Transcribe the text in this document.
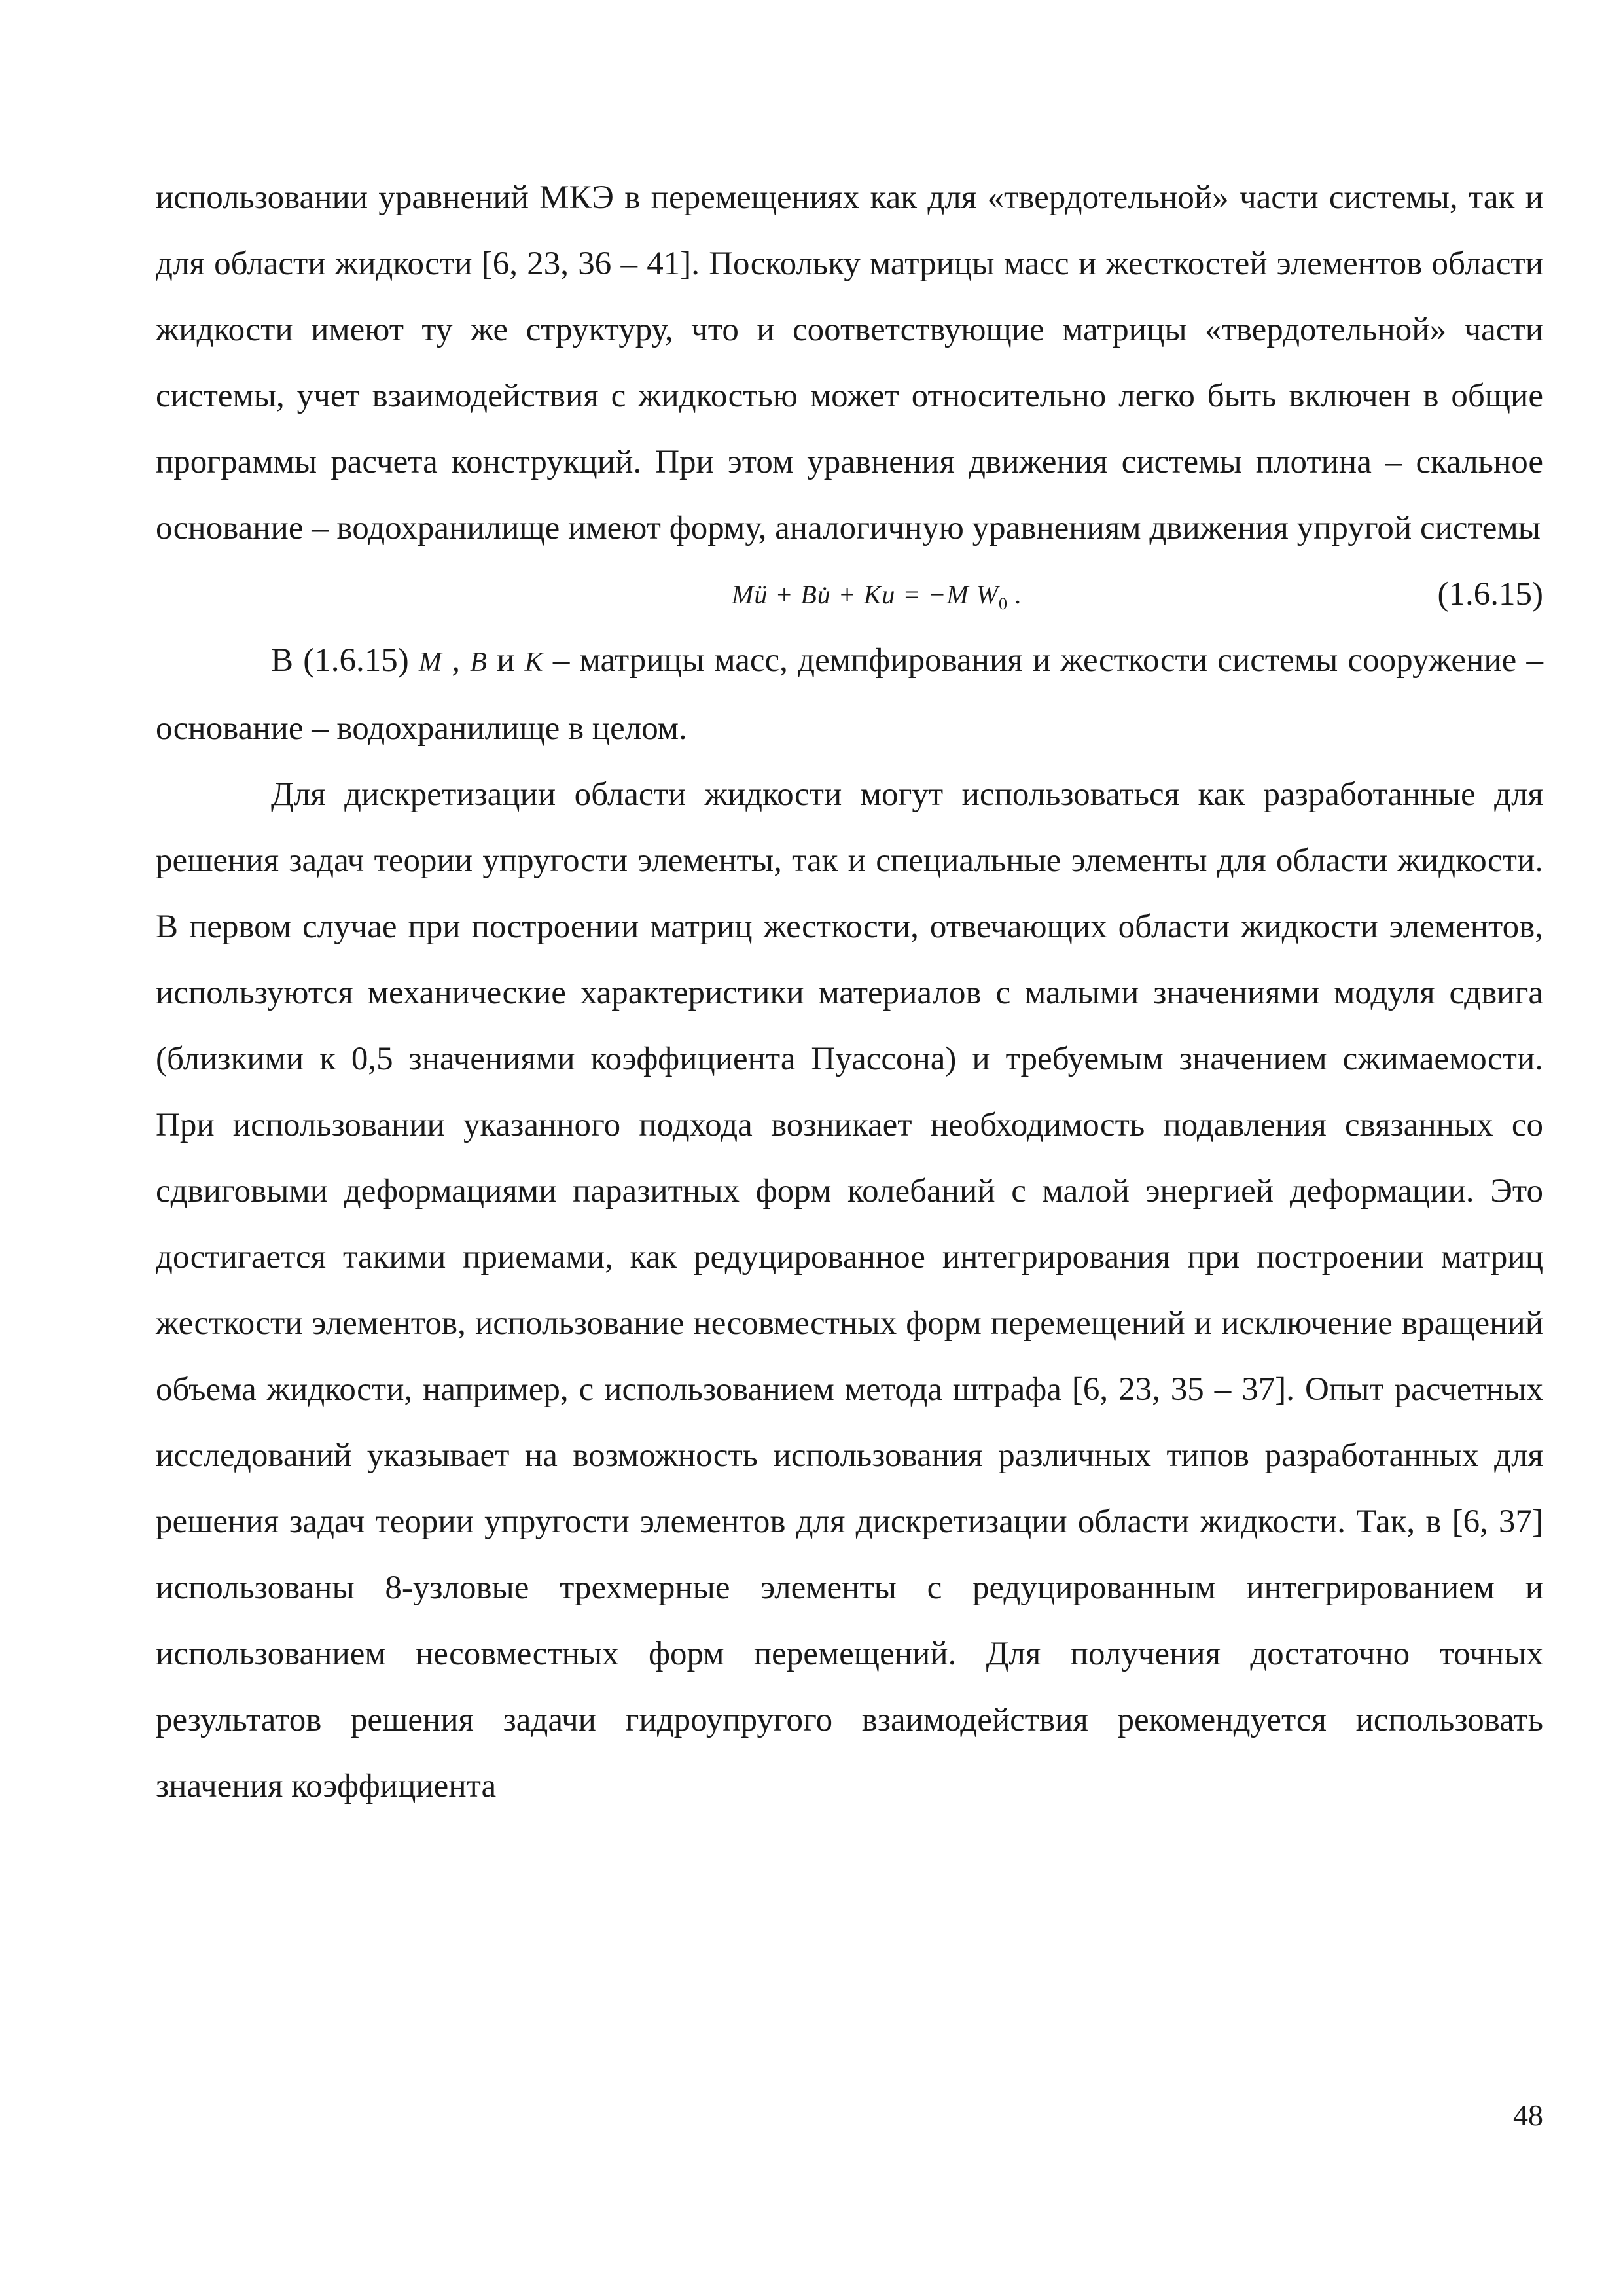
использовании уравнений МКЭ в перемещениях как для «твердотельной» части системы, так и для области жидкости [6, 23, 36 – 41]. Поскольку матрицы масс и жесткостей элементов области жидкости имеют ту же структуру, что и соответствующие матрицы «твердотельной» части системы, учет взаимодействия с жидкостью может относительно легко быть включен в общие программы расчета конструкций. При этом уравнения движения системы плотина – скальное основание – водохранилище имеют форму, аналогичную уравнениям движения упругой системы

Mü + Bu̇ + Ku = −M $W_0$ .	(1.6.15)

В (1.6.15) M , B и K – матрицы масс, демпфирования и жесткости системы сооружение – основание – водохранилище в целом.

Для дискретизации области жидкости могут использоваться как разработанные для решения задач теории упругости элементы, так и специальные элементы для области жидкости. В первом случае при построении матриц жесткости, отвечающих области жидкости элементов, используются механические характеристики материалов с малыми значениями модуля сдвига (близкими к 0,5 значениями коэффициента Пуассона) и требуемым значением сжимаемости. При использовании указанного подхода возникает необходимость подавления связанных со сдвиговыми деформациями паразитных форм колебаний с малой энергией деформации. Это достигается такими приемами, как редуцированное интегрирования при построении матриц жесткости элементов, использование несовместных форм перемещений и исключение вращений объема жидкости, например, с использованием метода штрафа [6, 23, 35 – 37]. Опыт расчетных исследований указывает на возможность использования различных типов разработанных для решения задач теории упругости элементов для дискретизации области жидкости. Так, в [6, 37] использованы 8-узловые трехмерные элементы с редуцированным интегрированием и использованием несовместных форм перемещений. Для получения достаточно точных результатов решения задачи гидроупругого взаимодействия рекомендуется использовать значения коэффициента

48
